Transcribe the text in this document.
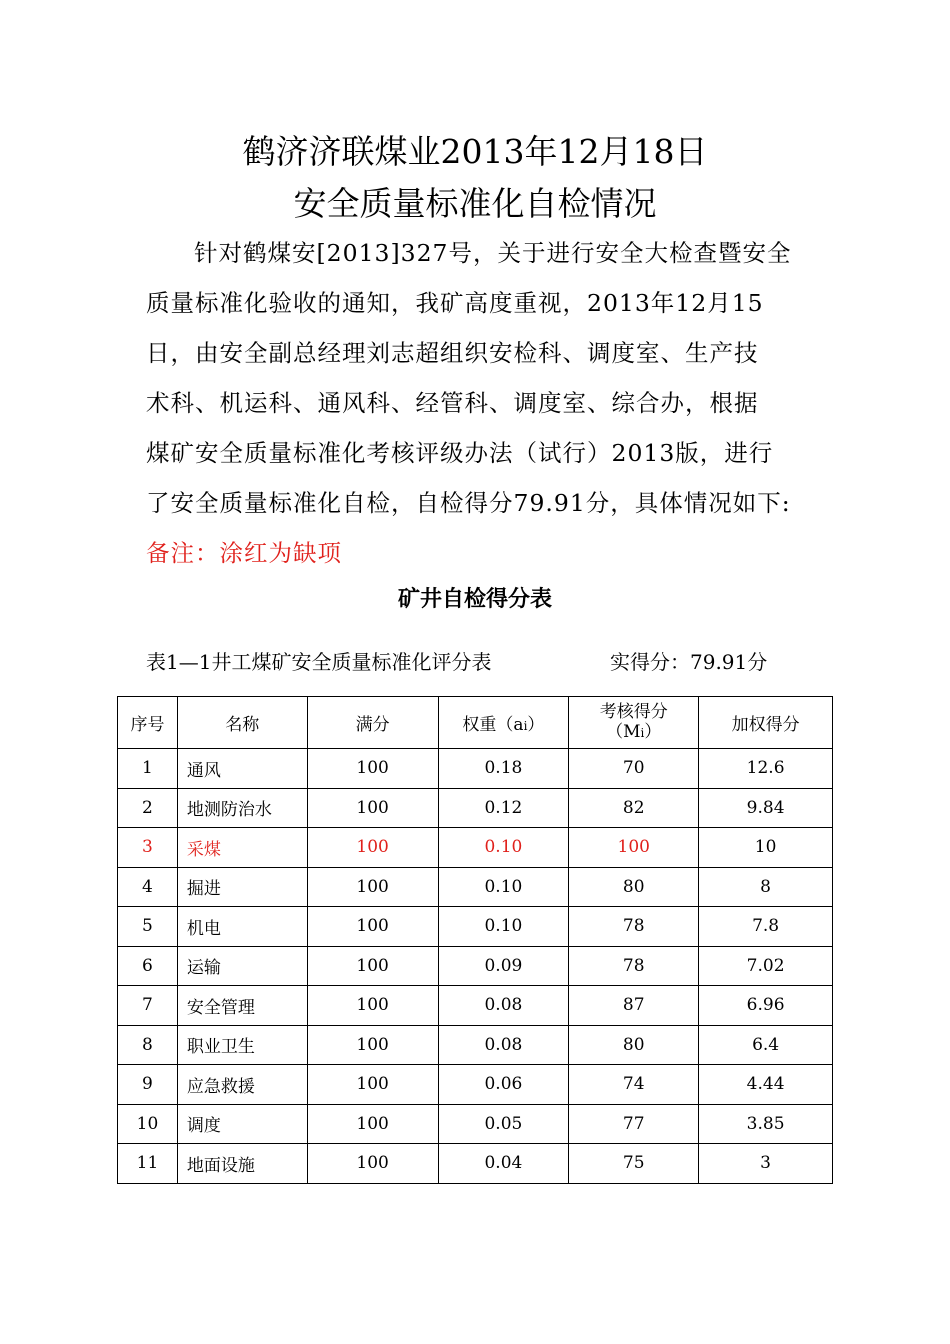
鹤济济联煤业2013年12月18日
安全质量标准化自检情况
针对鹤煤安[2013]327号，关于进行安全大检查暨安全
质量标准化验收的通知，我矿高度重视，2013年12月15
日，由安全副总经理刘志超组织安检科、调度室、生产技
术科、机运科、通风科、经管科、调度室、综合办，根据
煤矿安全质量标准化考核评级办法（试行）2013版，进行
了安全质量标准化自检，自检得分79.91分，具体情况如下:
备注：涂红为缺项
矿井自检得分表
表1—1井工煤矿安全质量标准化评分表	实得分：79.91分
序号	名称	满分	权重（ai）	考核得分
（Mi）	加权得分
1	通风	100	0.18	70	12.6
2	地测防治水	100	0.12	82	9.84
3	采煤	100	0.10	100	10
4	掘进	100	0.10	80	8
5	机电	100	0.10	78	7.8
6	运输	100	0.09	78	7.02
7	安全管理	100	0.08	87	6.96
8	职业卫生	100	0.08	80	6.4
9	应急救援	100	0.06	74	4.44
10	调度	100	0.05	77	3.85
11	地面设施	100	0.04	75	3
